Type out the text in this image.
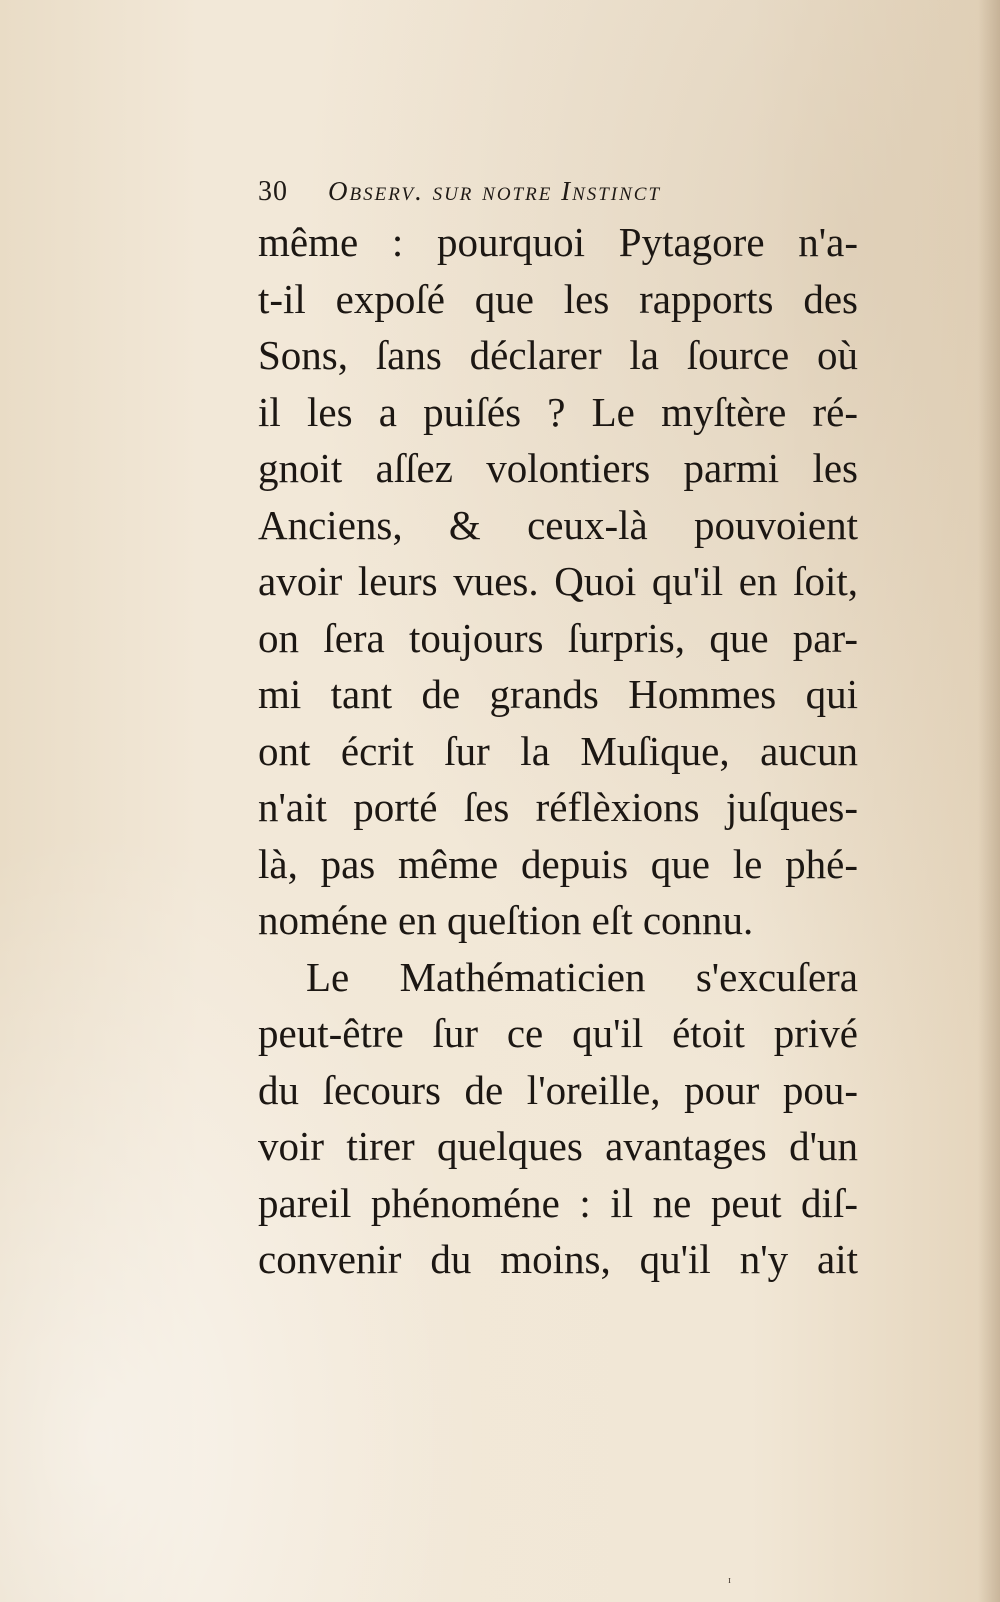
30 Observ. sur notre Instinct
même : pourquoi Pytagore n'a-
t-il expoſé que les rapports des
Sons, ſans déclarer la ſource où
il les a puiſés ? Le myſtère ré-
gnoit aſſez volontiers parmi les
Anciens, & ceux-là pouvoient
avoir leurs vues. Quoi qu'il en ſoit,
on ſera toujours ſurpris, que par-
mi tant de grands Hommes qui
ont écrit ſur la Muſique, aucun
n'ait porté ſes réflèxions juſques-
là, pas même depuis que le phé-
noméne en queſtion eſt connu.
Le Mathématicien s'excuſera
peut-être ſur ce qu'il étoit privé
du ſecours de l'oreille, pour pou-
voir tirer quelques avantages d'un
pareil phénoméne : il ne peut diſ-
convenir du moins, qu'il n'y ait
ᶦ
